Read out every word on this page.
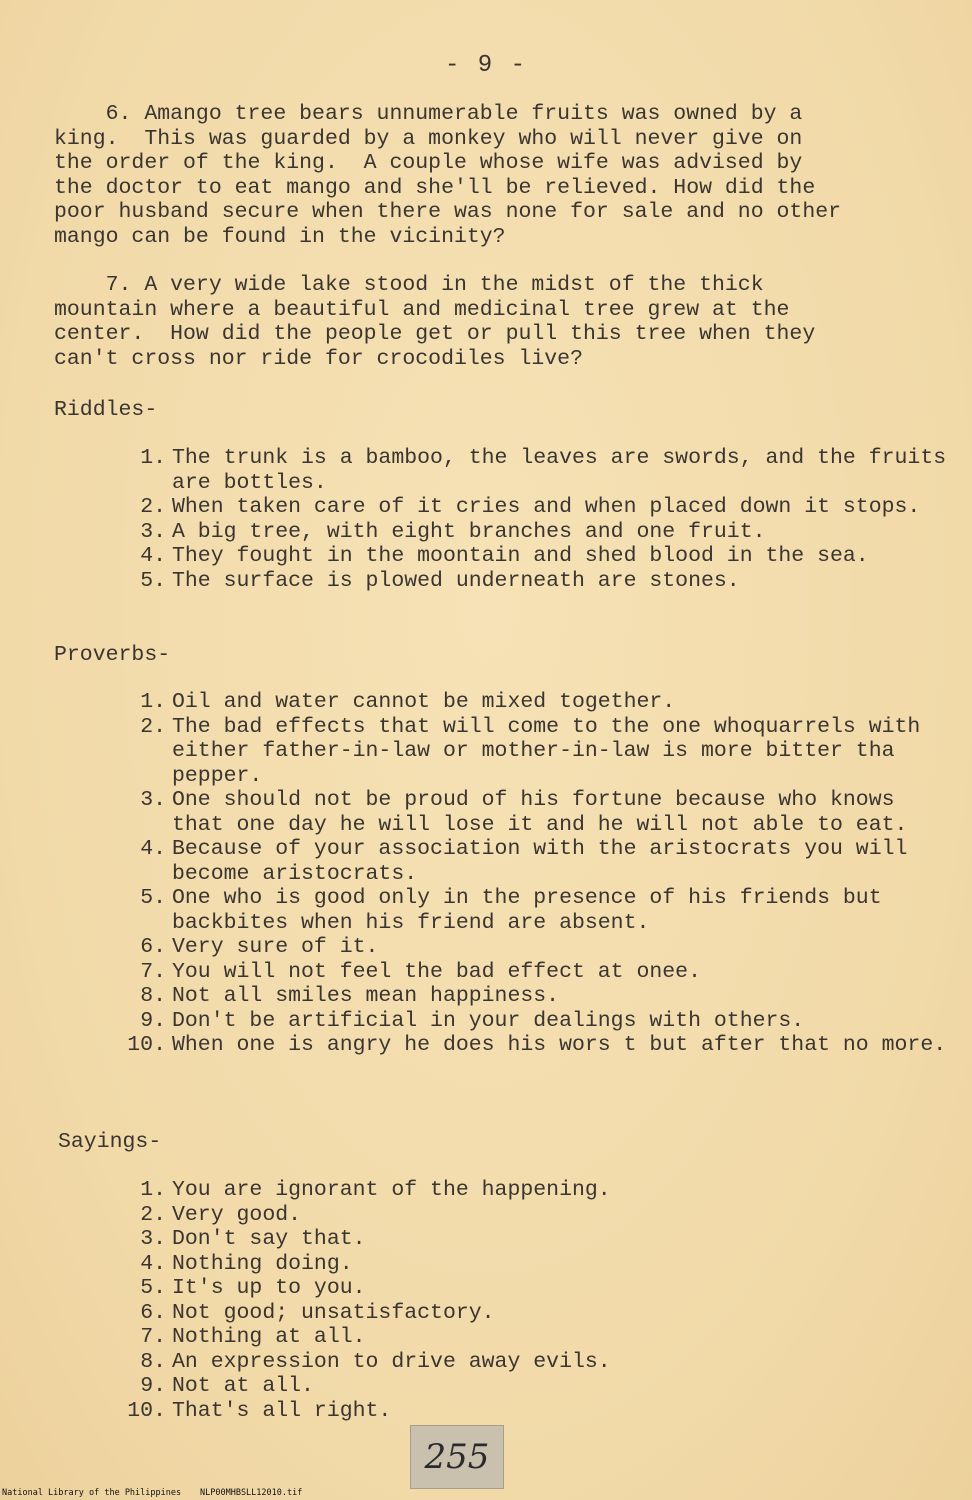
- 9 -
6. Amango tree bears unnumerable fruits was owned by a
king.  This was guarded by a monkey who will never give on
the order of the king.  A couple whose wife was advised by
the doctor to eat mango and she'll be relieved. How did the
poor husband secure when there was none for sale and no other
mango can be found in the vicinity?
7. A very wide lake stood in the midst of the thick
mountain where a beautiful and medicinal tree grew at the
center.  How did the people get or pull this tree when they
can't cross nor ride for crocodiles live?
Riddles-
1. The trunk is a bamboo, the leaves are swords, and the fruits are bottles.
2. When taken care of it cries and when placed down it stops.
3. A big tree, with eight branches and one fruit.
4. They fought in the moontain and shed blood in the sea.
5. The surface is plowed underneath are stones.
Proverbs-
1. Oil and water cannot be mixed together.
2. The bad effects that will come to the one whoquarrels with either father-in-law or mother-in-law is more bitter tha pepper.
3. One should not be proud of his fortune because who knows that one day he will lose it and he will not able to eat.
4. Because of your association with the aristocrats you will become aristocrats.
5. One who is good only in the presence of his friends but backbites when his friend are absent.
6. Very sure of it.
7. You will not feel the bad effect at onee.
8. Not all smiles mean happiness.
9. Don't be artificial in your dealings with others.
10. When one is angry he does his wors t but after that no more.
Sayings-
1. You are ignorant of the happening.
2. Very good.
3. Don't say that.
4. Nothing doing.
5. It's up to you.
6. Not good; unsatisfactory.
7. Nothing at all.
8. An expression to drive away evils.
9. Not at all.
10. That's all right.
255
National Library of the Philippines NLP00MHBSLL12010.tif
